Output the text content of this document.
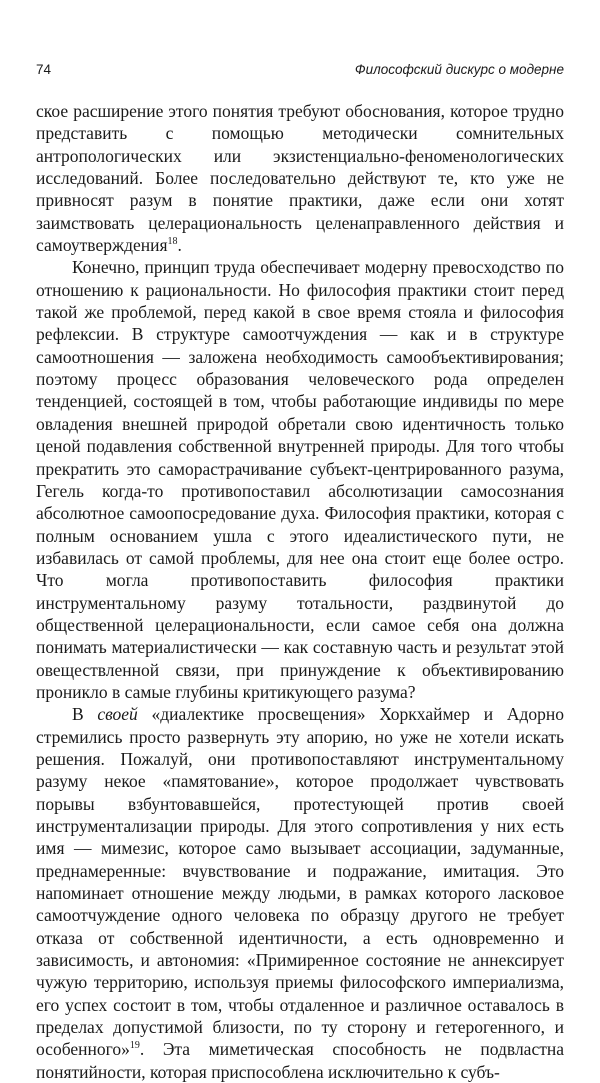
74	Философский дискурс о модерне

ское расширение этого понятия требуют обоснования, которое трудно представить с помощью методически сомнительных антропологических или экзистенциально-феноменологических исследований. Более последовательно действуют те, кто уже не привносят разум в понятие практики, даже если они хотят заимствовать целерациональность целенаправленного действия и самоутверждения$^{18}$.

Конечно, принцип труда обеспечивает модерну превосходство по отношению к рациональности. Но философия практики стоит перед такой же проблемой, перед какой в свое время стояла и философия рефлексии. В структуре самоотчуждения — как и в структуре самоотношения — заложена необходимость самообъективирования; поэтому процесс образования человеческого рода определен тенденцией, состоящей в том, чтобы работающие индивиды по мере овладения внешней природой обретали свою идентичность только ценой подавления собственной внутренней природы. Для того чтобы прекратить это саморастрачивание субъект-центрированного разума, Гегель когда-то противопоставил абсолютизации самосознания абсолютное самоопосредование духа. Философия практики, которая с полным основанием ушла с этого идеалистического пути, не избавилась от самой проблемы, для нее она стоит еще более остро. Что могла противопоставить философия практики инструментальному разуму тотальности, раздвинутой до общественной целерациональности, если самое себя она должна понимать материалистически — как составную часть и результат этой овеществленной связи, при принуждение к объективированию проникло в самые глубины критикующего разума?

В своей «диалектике просвещения» Хоркхаймер и Адорно стремились просто развернуть эту апорию, но уже не хотели искать решения. Пожалуй, они противопоставляют инструментальному разуму некое «памятование», которое продолжает чувствовать порывы взбунтовавшейся, протестующей против своей инструментализации природы. Для этого сопротивления у них есть имя — мимезис, которое само вызывает ассоциации, задуманные, преднамеренные: вчувствование и подражание, имитация. Это напоминает отношение между людьми, в рамках которого ласковое самоотчуждение одного человека по образцу другого не требует отказа от собственной идентичности, а есть одновременно и зависимость, и автономия: «Примиренное состояние не аннексирует чужую территорию, используя приемы философского империализма, его успех состоит в том, чтобы отдаленное и различное оставалось в пределах допустимой близости, по ту сторону и гетерогенного, и особенного»$^{19}$. Эта миметическая способность не подвластна понятийности, которая приспособлена исключительно к субъ-
